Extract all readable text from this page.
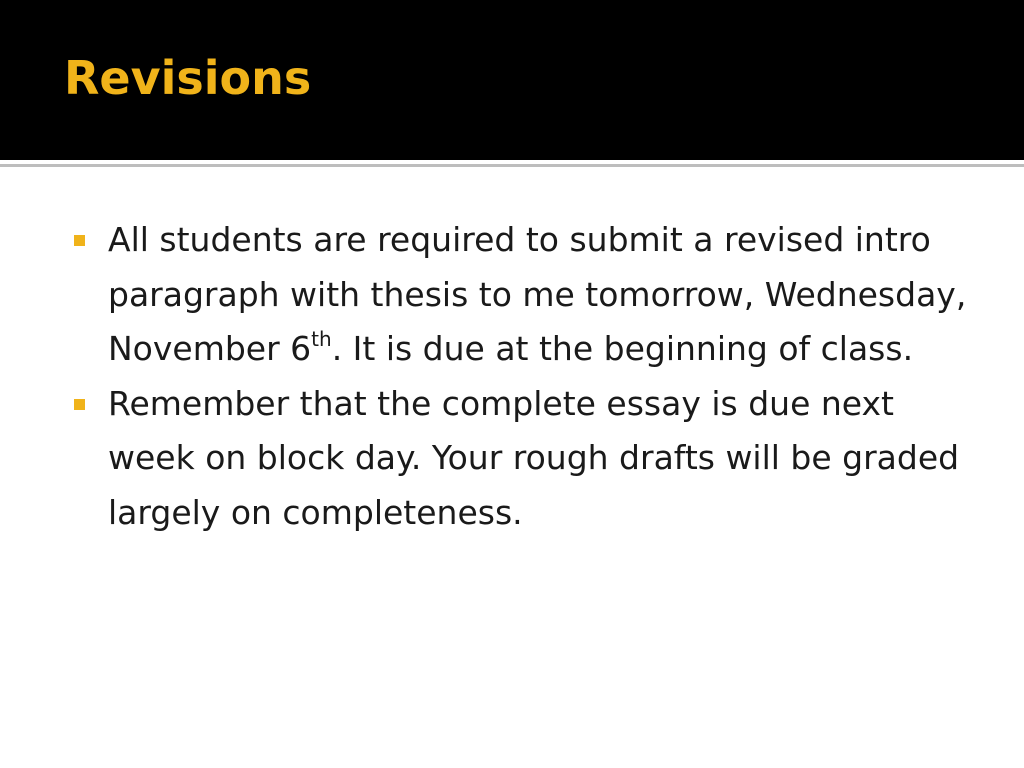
Revisions
All students are required to submit a revised intro paragraph with thesis to me tomorrow, Wednesday, November 6th. It is due at the beginning of class.
Remember that the complete essay is due next week on block day. Your rough drafts will be graded largely on completeness.
